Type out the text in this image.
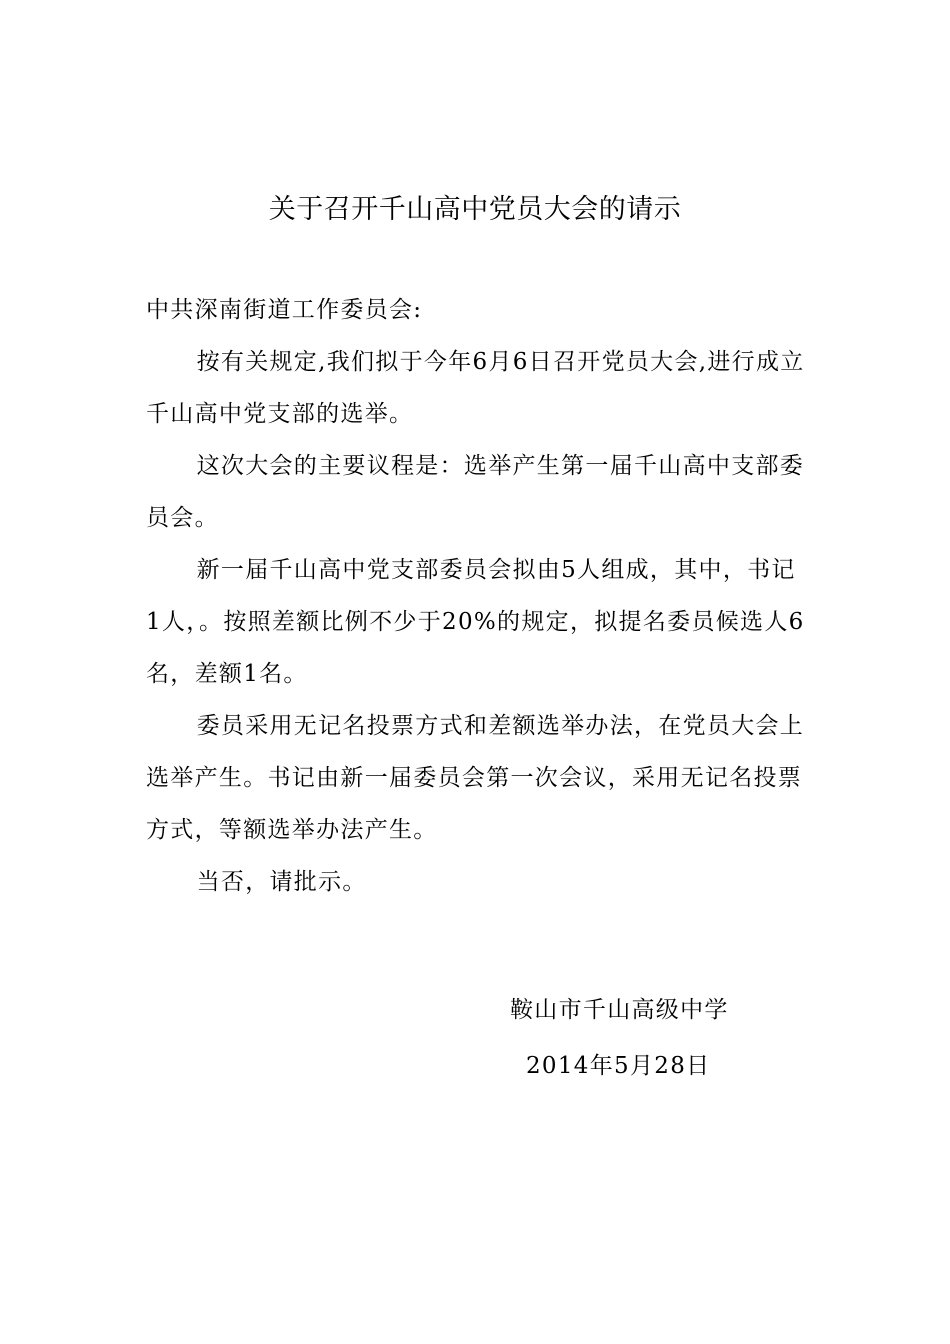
关于召开千山高中党员大会的请示

中共深南街道工作委员会:

按有关规定,我们拟于今年6月6日召开党员大会,进行成立千山高中党支部的选举。

这次大会的主要议程是：选举产生第一届千山高中支部委员会。

新一届千山高中党支部委员会拟由5人组成，其中，书记1人，。按照差额比例不少于20%的规定，拟提名委员候选人6名，差额1名。

委员采用无记名投票方式和差额选举办法，在党员大会上选举产生。书记由新一届委员会第一次会议，采用无记名投票方式，等额选举办法产生。

当否，请批示。

鞍山市千山高级中学
2014年5月28日
